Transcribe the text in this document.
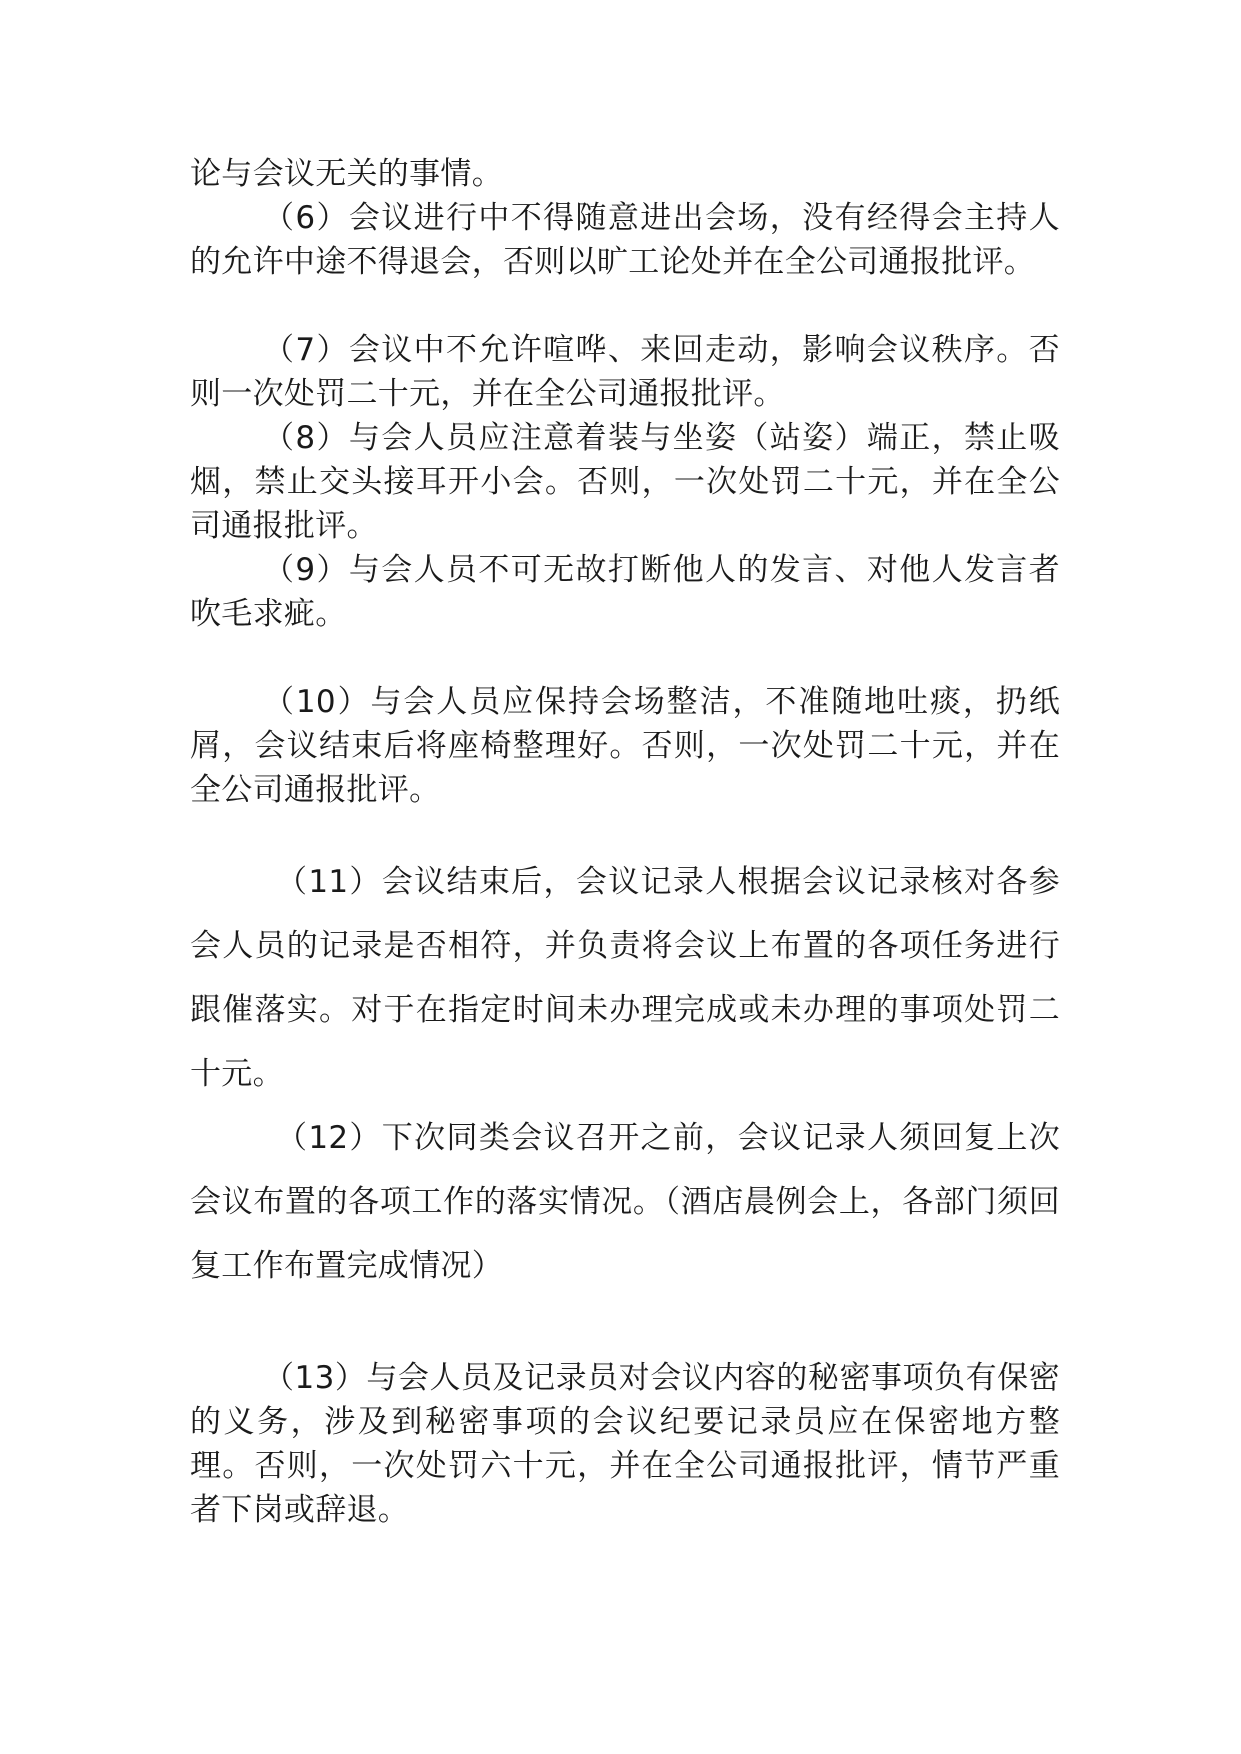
论与会议无关的事情。

（6）会议进行中不得随意进出会场，没有经得会主持人的允许中途不得退会，否则以旷工论处并在全公司通报批评。

（7）会议中不允许喧哗、来回走动，影响会议秩序。否则一次处罚二十元，并在全公司通报批评。

（8）与会人员应注意着装与坐姿（站姿）端正，禁止吸烟，禁止交头接耳开小会。否则，一次处罚二十元，并在全公司通报批评。

（9）与会人员不可无故打断他人的发言、对他人发言者吹毛求疵。

（10）与会人员应保持会场整洁，不准随地吐痰，扔纸屑，会议结束后将座椅整理好。否则，一次处罚二十元，并在全公司通报批评。

（11）会议结束后，会议记录人根据会议记录核对各参会人员的记录是否相符，并负责将会议上布置的各项任务进行跟催落实。对于在指定时间未办理完成或未办理的事项处罚二十元。

（12）下次同类会议召开之前，会议记录人须回复上次会议布置的各项工作的落实情况。（酒店晨例会上，各部门须回复工作布置完成情况）

（13）与会人员及记录员对会议内容的秘密事项负有保密的义务，涉及到秘密事项的会议纪要记录员应在保密地方整理。否则，一次处罚六十元，并在全公司通报批评，情节严重者下岗或辞退。
